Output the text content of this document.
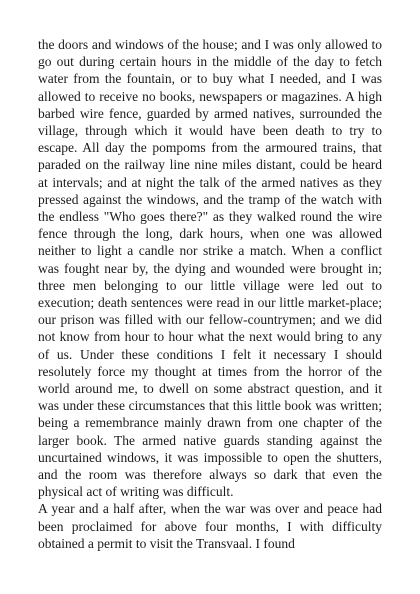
the doors and windows of the house; and I was only allowed to go out during certain hours in the middle of the day to fetch water from the fountain, or to buy what I needed, and I was allowed to receive no books, newspapers or magazines. A high barbed wire fence, guarded by armed natives, surrounded the village, through which it would have been death to try to escape. All day the pompoms from the armoured trains, that paraded on the railway line nine miles distant, could be heard at intervals; and at night the talk of the armed natives as they pressed against the windows, and the tramp of the watch with the endless "Who goes there?" as they walked round the wire fence through the long, dark hours, when one was allowed neither to light a candle nor strike a match. When a conflict was fought near by, the dying and wounded were brought in; three men belonging to our little village were led out to execution; death sentences were read in our little market-place; our prison was filled with our fellow-countrymen; and we did not know from hour to hour what the next would bring to any of us. Under these conditions I felt it necessary I should resolutely force my thought at times from the horror of the world around me, to dwell on some abstract question, and it was under these circumstances that this little book was written; being a remembrance mainly drawn from one chapter of the larger book. The armed native guards standing against the uncurtained windows, it was impossible to open the shutters, and the room was therefore always so dark that even the physical act of writing was difficult.

A year and a half after, when the war was over and peace had been proclaimed for above four months, I with difficulty obtained a permit to visit the Transvaal. I found
